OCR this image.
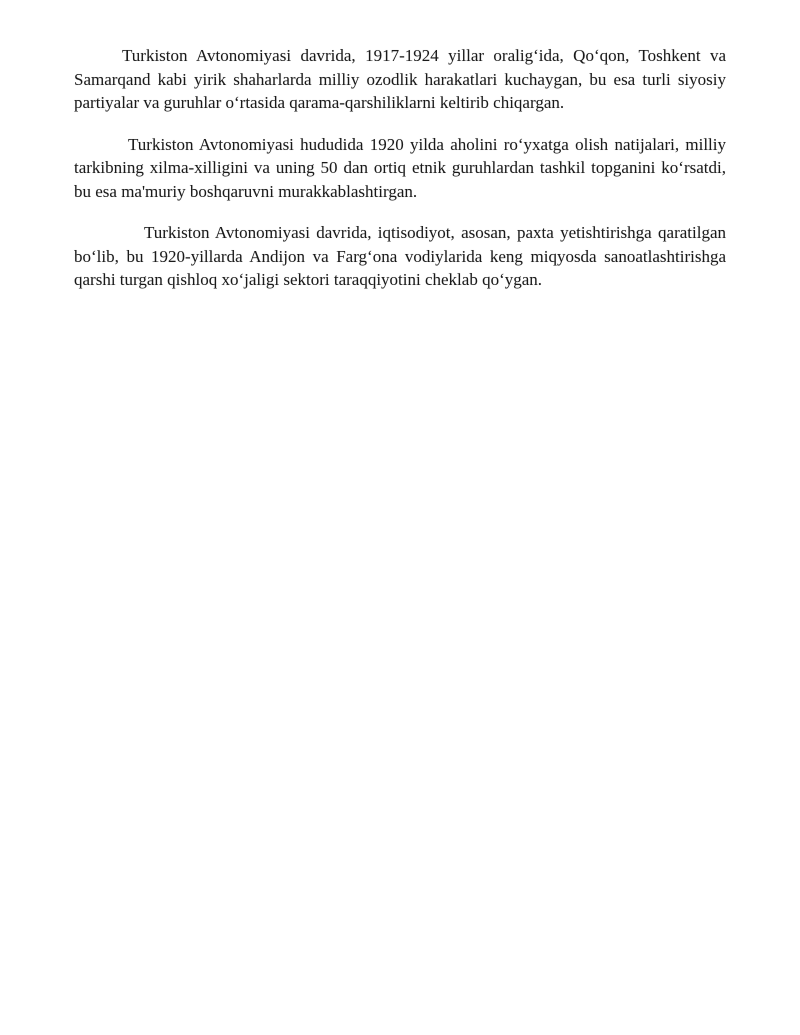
Turkiston Avtonomiyasi davrida, 1917-1924 yillar oralig‘ida, Qo‘qon, Toshkent va Samarqand kabi yirik shaharlarda milliy ozodlik harakatlari kuchaygan, bu esa turli siyosiy partiyalar va guruhlar o‘rtasida qarama-qarshiliklarni keltirib chiqargan.

Turkiston Avtonomiyasi hududida 1920 yilda aholini ro‘yxatga olish natijalari, milliy tarkibning xilma-xilligini va uning 50 dan ortiq etnik guruhlardan tashkil topganini ko‘rsatdi, bu esa ma'muriy boshqaruvni murakkablashtirgan.

Turkiston Avtonomiyasi davrida, iqtisodiyot, asosan, paxta yetishtirishga qaratilgan bo‘lib, bu 1920-yillarda Andijon va Farg‘ona vodiylarida keng miqyosda sanoatlashtirishga qarshi turgan qishloq xo‘jaligi sektori taraqqiyotini cheklab qo‘ygan.
